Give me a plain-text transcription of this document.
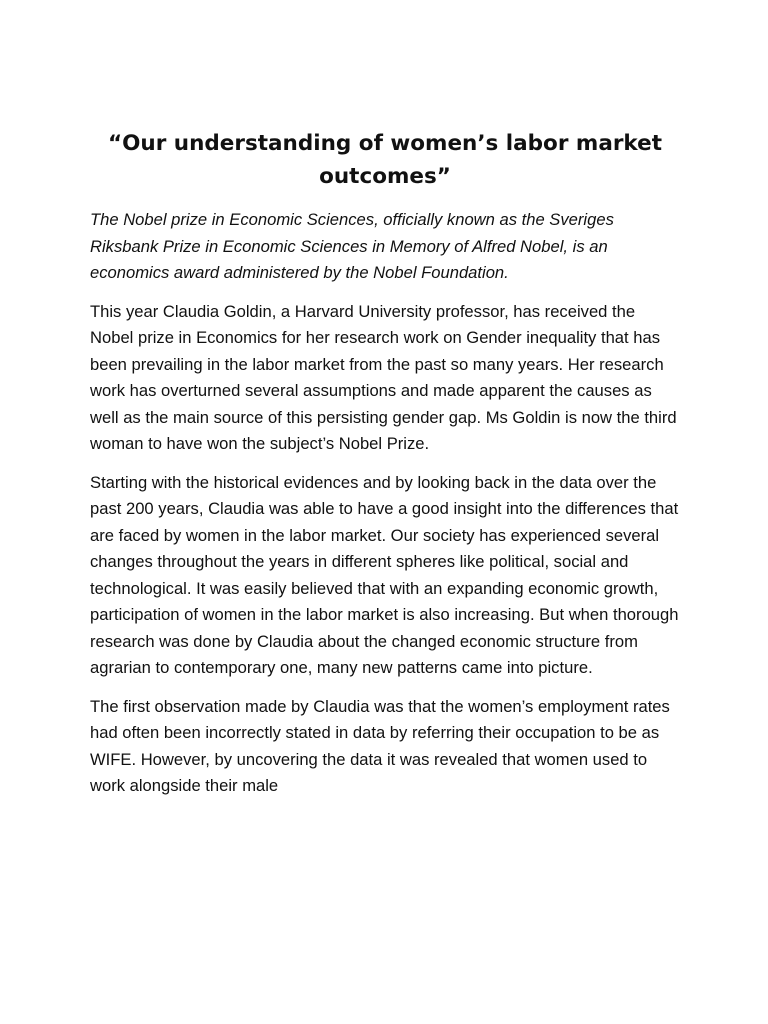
“Our understanding of women’s labor market outcomes”

The Nobel prize in Economic Sciences, officially known as the Sveriges Riksbank Prize in Economic Sciences in Memory of Alfred Nobel, is an economics award administered by the Nobel Foundation.

This year Claudia Goldin, a Harvard University professor, has received the Nobel prize in Economics for her research work on Gender inequality that has been prevailing in the labor market from the past so many years. Her research work has overturned several assumptions and made apparent the causes as well as the main source of this persisting gender gap. Ms Goldin is now the third woman to have won the subject’s Nobel Prize.

Starting with the historical evidences and by looking back in the data over the past 200 years, Claudia was able to have a good insight into the differences that are faced by women in the labor market. Our society has experienced several changes throughout the years in different spheres like political, social and technological. It was easily believed that with an expanding economic growth, participation of women in the labor market is also increasing. But when thorough research was done by Claudia about the changed economic structure from agrarian to contemporary one, many new patterns came into picture.

The first observation made by Claudia was that the women’s employment rates had often been incorrectly stated in data by referring their occupation to be as WIFE. However, by uncovering the data it was revealed that women used to work alongside their male
